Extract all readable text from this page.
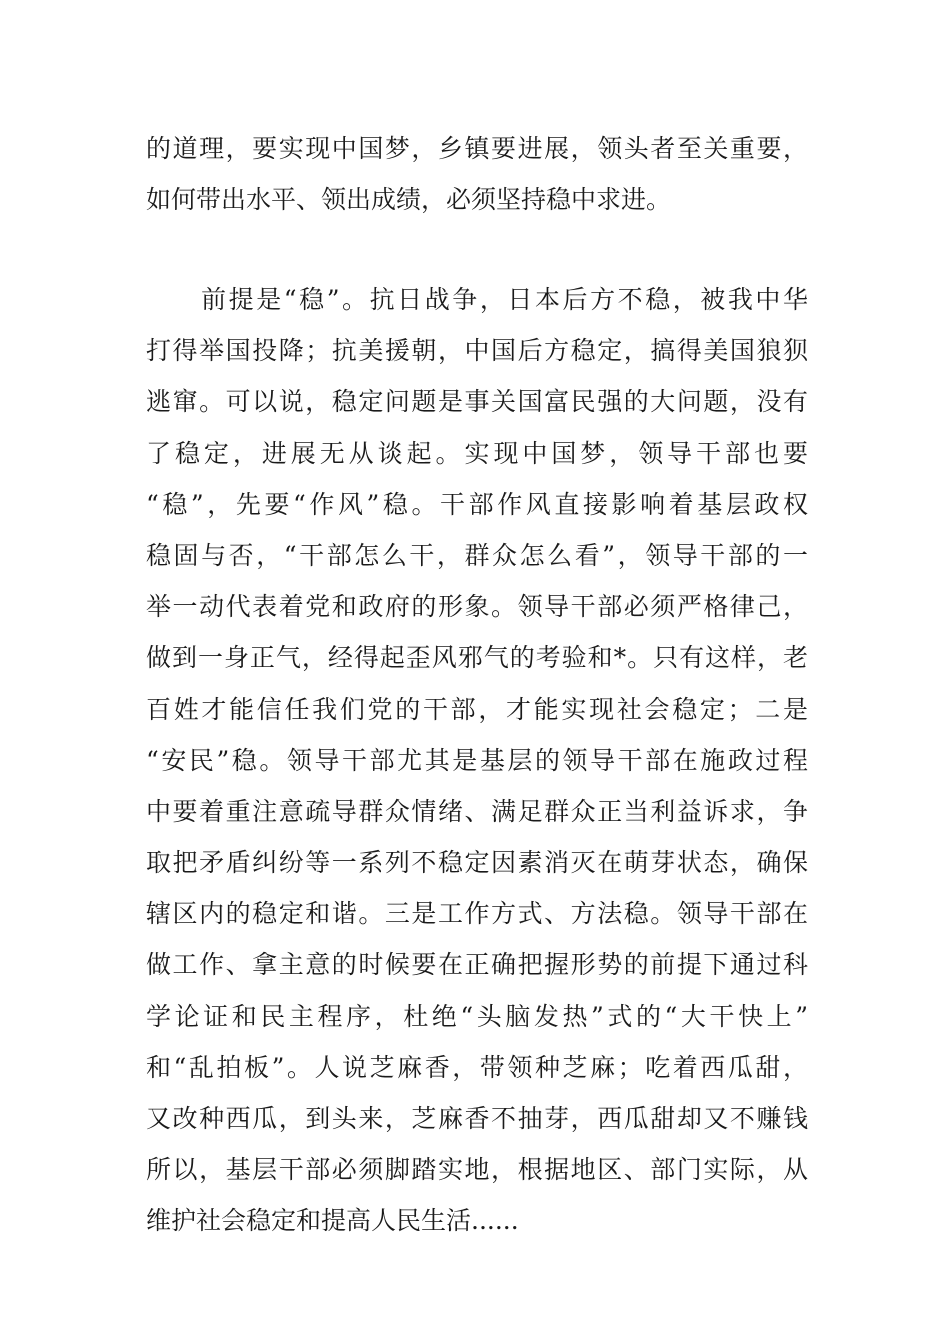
的道理，要实现中国梦，乡镇要进展，领头者至关重要，
如何带出水平、领出成绩，必须坚持稳中求进。

　　前提是“稳”。抗日战争，日本后方不稳，被我中华
打得举国投降；抗美援朝，中国后方稳定，搞得美国狼狈
逃窜。可以说，稳定问题是事关国富民强的大问题，没有
了稳定，进展无从谈起。实现中国梦，领导干部也要
“稳”，先要“作风”稳。干部作风直接影响着基层政权
稳固与否，“干部怎么干，群众怎么看”，领导干部的一
举一动代表着党和政府的形象。领导干部必须严格律己，
做到一身正气，经得起歪风邪气的考验和*。只有这样，老
百姓才能信任我们党的干部，才能实现社会稳定；二是
“安民”稳。领导干部尤其是基层的领导干部在施政过程
中要着重注意疏导群众情绪、满足群众正当利益诉求，争
取把矛盾纠纷等一系列不稳定因素消灭在萌芽状态，确保
辖区内的稳定和谐。三是工作方式、方法稳。领导干部在
做工作、拿主意的时候要在正确把握形势的前提下通过科
学论证和民主程序，杜绝“头脑发热”式的“大干快上”
和“乱拍板”。人说芝麻香，带领种芝麻；吃着西瓜甜，
又改种西瓜，到头来，芝麻香不抽芽，西瓜甜却又不赚钱
所以，基层干部必须脚踏实地，根据地区、部门实际，从
维护社会稳定和提高人民生活......
